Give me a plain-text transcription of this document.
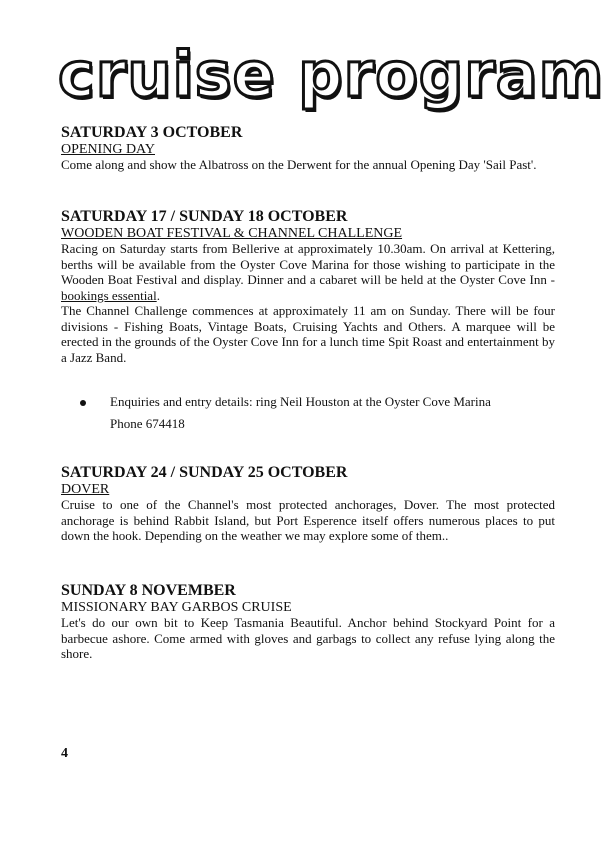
cruise program

SATURDAY 3 OCTOBER

OPENING DAY

Come along and show the Albatross on the Derwent for the annual Opening Day 'Sail Past'.

SATURDAY 17 / SUNDAY 18 OCTOBER

WOODEN BOAT FESTIVAL & CHANNEL CHALLENGE

Racing on Saturday starts from Bellerive at approximately 10.30am. On arrival at Kettering, berths will be available from the Oyster Cove Marina for those wishing to participate in the Wooden Boat Festival and display. Dinner and a cabaret will be held at the Oyster Cove Inn - bookings essential.

The Channel Challenge commences at approximately 11 am on Sunday. There will be four divisions - Fishing Boats, Vintage Boats, Cruising Yachts and Others. A marquee will be erected in the grounds of the Oyster Cove Inn for a lunch time Spit Roast and entertainment by a Jazz Band.

Enquiries and entry details: ring Neil Houston at the Oyster Cove Marina
Phone 674418

SATURDAY 24 / SUNDAY 25 OCTOBER

DOVER

Cruise to one of the Channel's most protected anchorages, Dover. The most protected anchorage is behind Rabbit Island, but Port Esperence itself offers numerous places to put down the hook. Depending on the weather we may explore some of them..

SUNDAY 8 NOVEMBER

MISSIONARY BAY GARBOS CRUISE

Let's do our own bit to Keep Tasmania Beautiful. Anchor behind Stockyard Point for a barbecue ashore. Come armed with gloves and garbags to collect any refuse lying along the shore.

4
